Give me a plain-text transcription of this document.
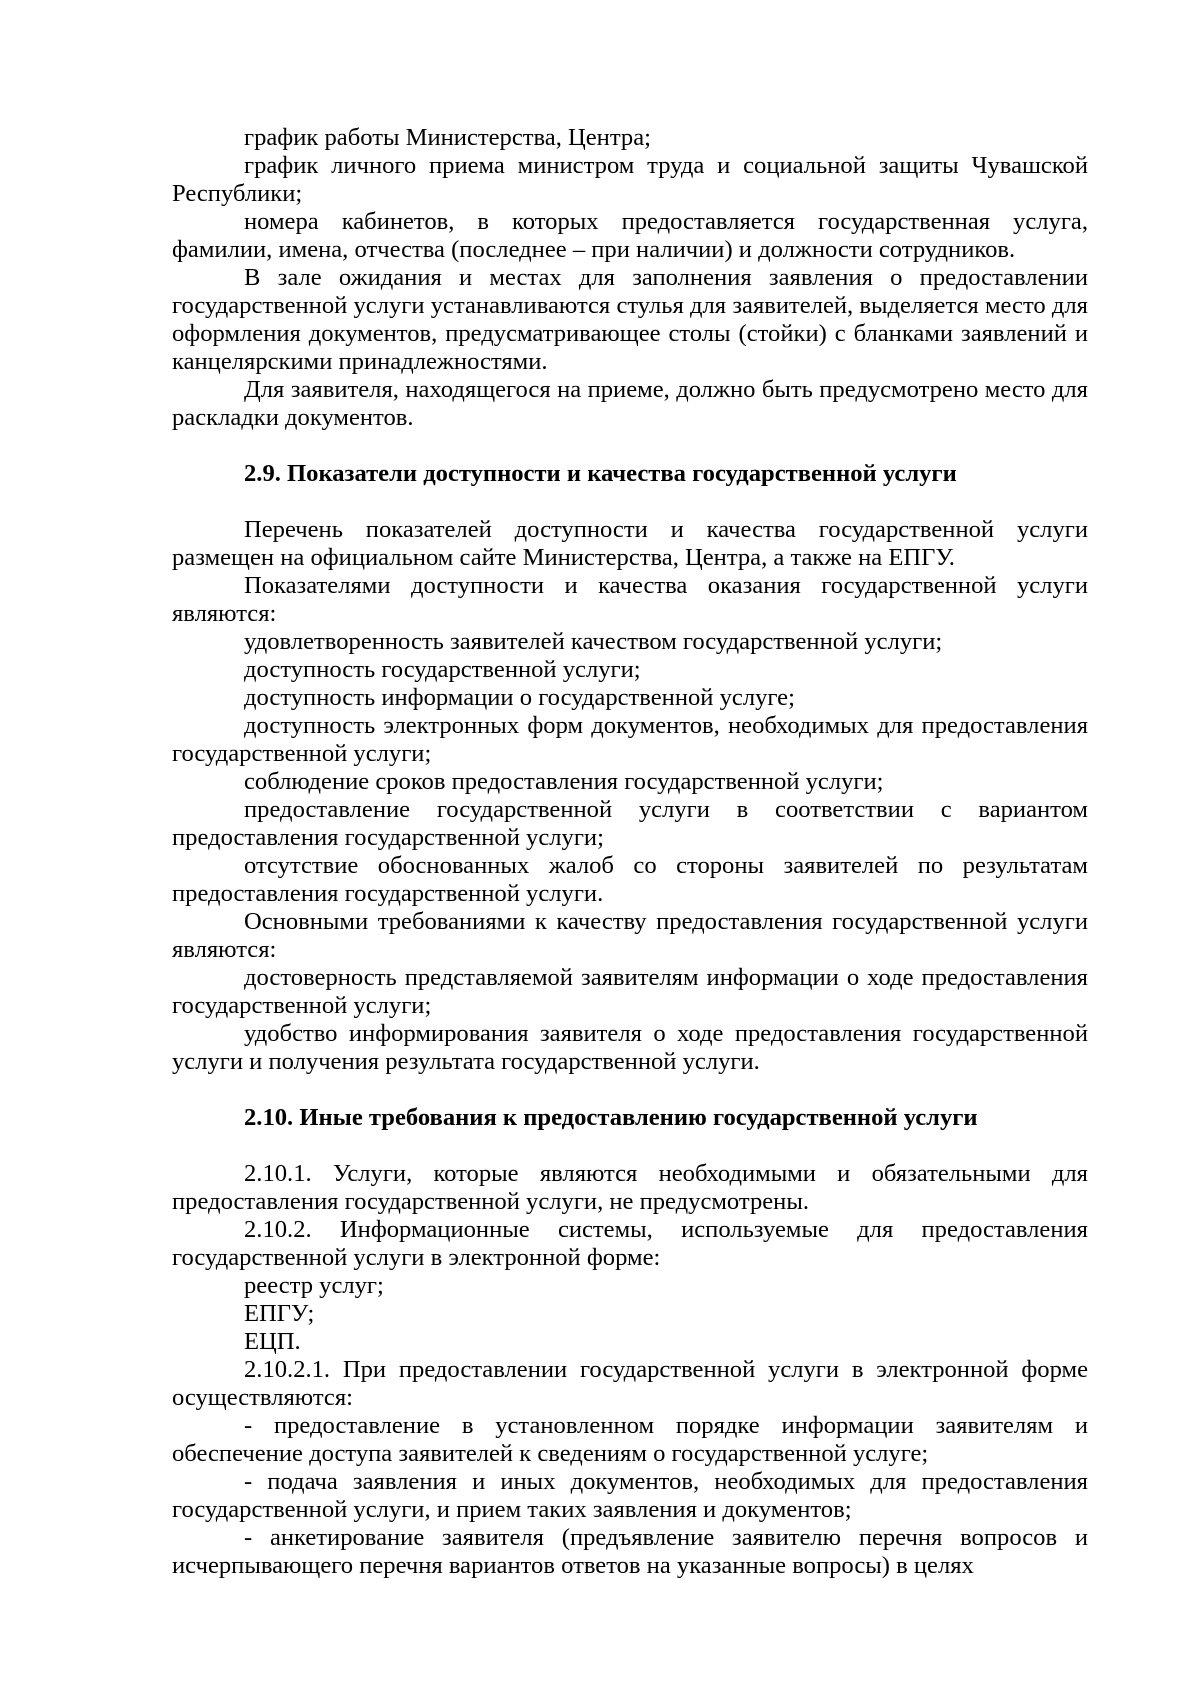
график работы Министерства, Центра;

график личного приема министром труда и социальной защиты Чувашской Республики;

номера кабинетов, в которых предоставляется государственная услуга, фамилии, имена, отчества (последнее – при наличии) и должности сотрудников.

В зале ожидания и местах для заполнения заявления о предоставлении государственной услуги устанавливаются стулья для заявителей, выделяется место для оформления документов, предусматривающее столы (стойки) с бланками заявлений и канцелярскими принадлежностями.

Для заявителя, находящегося на приеме, должно быть предусмотрено место для раскладки документов.

2.9. Показатели доступности и качества государственной услуги

Перечень показателей доступности и качества государственной услуги размещен на официальном сайте Министерства, Центра, а также на ЕПГУ.

Показателями доступности и качества оказания государственной услуги являются:

удовлетворенность заявителей качеством государственной услуги;

доступность государственной услуги;

доступность информации о государственной услуге;

доступность электронных форм документов, необходимых для предоставления государственной услуги;

соблюдение сроков предоставления государственной услуги;

предоставление государственной услуги в соответствии с вариантом предоставления государственной услуги;

отсутствие обоснованных жалоб со стороны заявителей по результатам предоставления государственной услуги.

Основными требованиями к качеству предоставления государственной услуги являются:

достоверность представляемой заявителям информации о ходе предоставления государственной услуги;

удобство информирования заявителя о ходе предоставления государственной услуги и получения результата государственной услуги.

2.10. Иные требования к предоставлению государственной услуги

2.10.1. Услуги, которые являются необходимыми и обязательными для предоставления государственной услуги, не предусмотрены.

2.10.2. Информационные системы, используемые для предоставления государственной услуги в электронной форме:

реестр услуг;

ЕПГУ;

ЕЦП.

2.10.2.1. При предоставлении государственной услуги в электронной форме осуществляются:

- предоставление в установленном порядке информации заявителям и обеспечение доступа заявителей к сведениям о государственной услуге;

- подача заявления и иных документов, необходимых для предоставления государственной услуги, и прием таких заявления и документов;

- анкетирование заявителя (предъявление заявителю перечня вопросов и исчерпывающего перечня вариантов ответов на указанные вопросы) в целях
